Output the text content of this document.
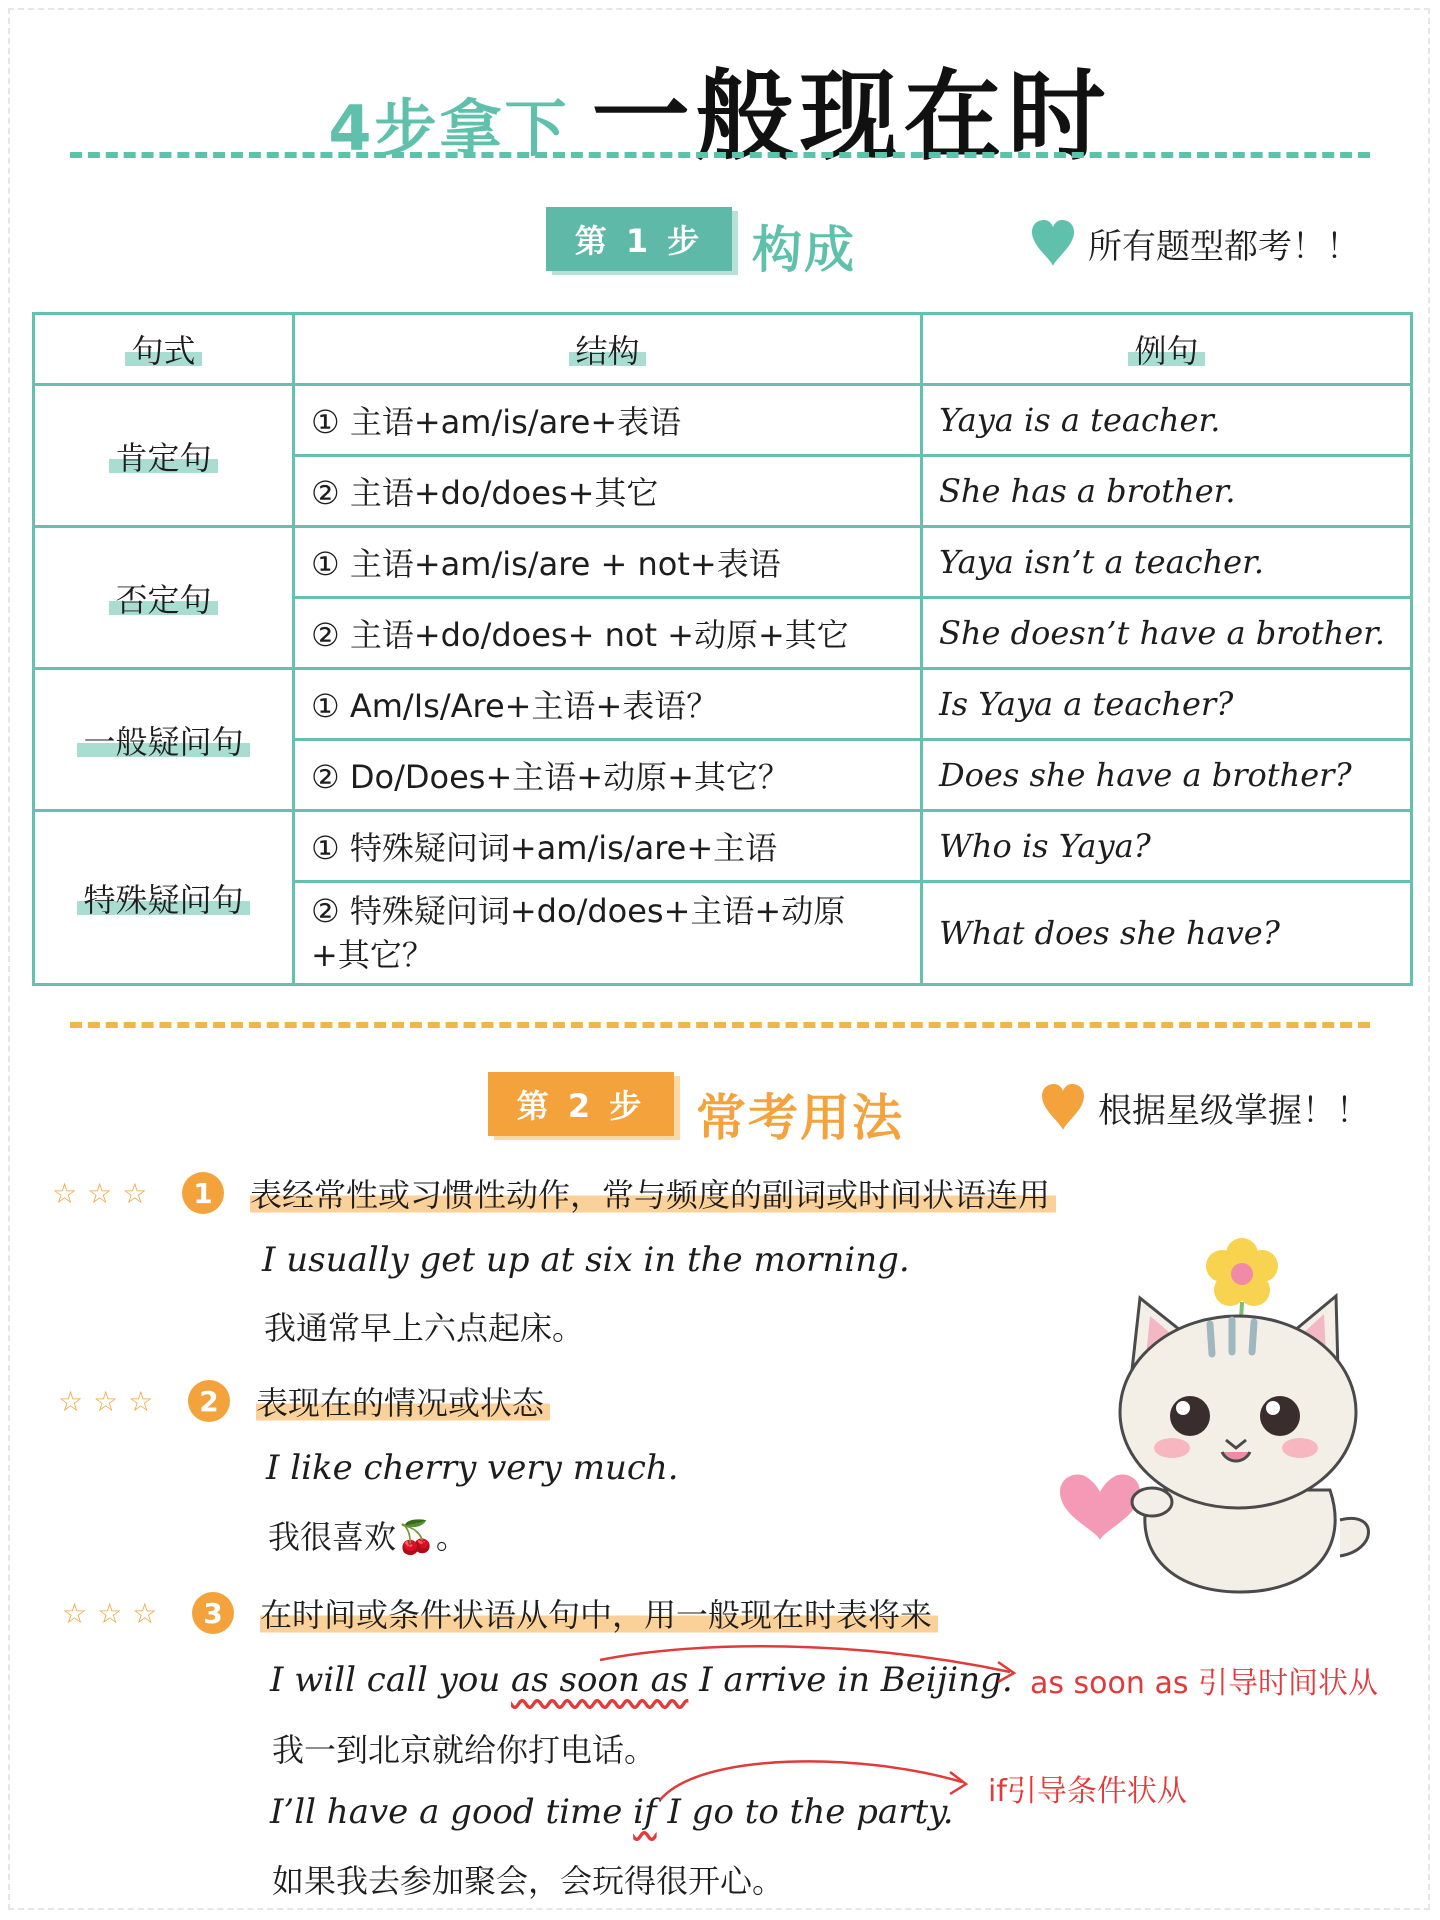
4步拿下 一般现在时
第 1 步 构成	所有题型都考！！
句式	结构	例句
肯定句	① 主语+am/is/are+表语	Yaya is a teacher.
	② 主语+do/does+其它	She has a brother.
否定句	① 主语+am/is/are + not+表语	Yaya isn’t a teacher.
	② 主语+do/does+ not +动原+其它	She doesn’t have a brother.
一般疑问句	① Am/Is/Are+主语+表语？	Is Yaya a teacher?
	② Do/Does+主语+动原+其它？	Does she have a brother?
特殊疑问句	① 特殊疑问词+am/is/are+主语	Who is Yaya?
	② 特殊疑问词+do/does+主语+动原+其它？	What does she have?
第 2 步	常考用法	根据星级掌握！！
☆☆☆	1	表经常性或习惯性动作，常与频度的副词或时间状语连用
I usually get up at six in the morning.
我通常早上六点起床。
☆☆☆	2	表现在的情况或状态
I like cherry very much.
我很喜欢🍒。
☆☆☆	3	在时间或条件状语从句中，用一般现在时表将来
I will call you as soon as I arrive in Beijing.
我一到北京就给你打电话。
I’ll have a good time if I go to the party.
如果我去参加聚会，会玩得很开心。
as soon as 引导时间状从
if引导条件状从
